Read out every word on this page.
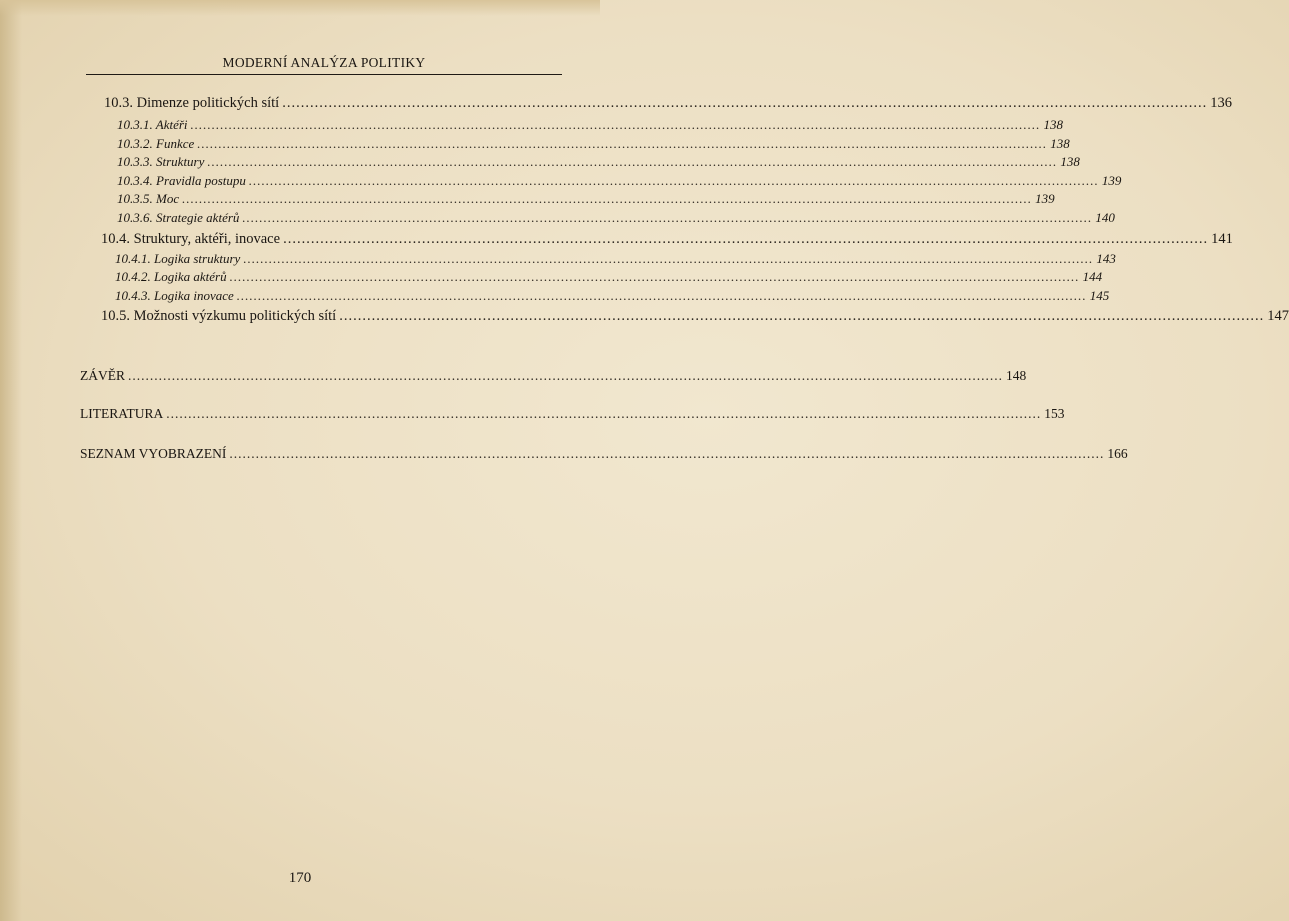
MODERNÍ ANALÝZA POLITIKY
10.3. Dimenze politických sítí ........................................................................................................................................................................................................ 136
10.3.1. Aktéři ........................................................................................................................................................................................................ 138
10.3.2. Funkce ........................................................................................................................................................................................................ 138
10.3.3. Struktury ........................................................................................................................................................................................................ 138
10.3.4. Pravidla postupu ........................................................................................................................................................................................................ 139
10.3.5. Moc ........................................................................................................................................................................................................ 139
10.3.6. Strategie aktérů ........................................................................................................................................................................................................ 140
10.4. Struktury, aktéři, inovace ........................................................................................................................................................................................................ 141
10.4.1. Logika struktury ........................................................................................................................................................................................................ 143
10.4.2. Logika aktérů ........................................................................................................................................................................................................ 144
10.4.3. Logika inovace ........................................................................................................................................................................................................ 145
10.5. Možnosti výzkumu politických sítí ........................................................................................................................................................................................................ 147
ZÁVĚR ........................................................................................................................................................................................................ 148
LITERATURA ........................................................................................................................................................................................................ 153
SEZNAM VYOBRAZENÍ ........................................................................................................................................................................................................ 166
170
